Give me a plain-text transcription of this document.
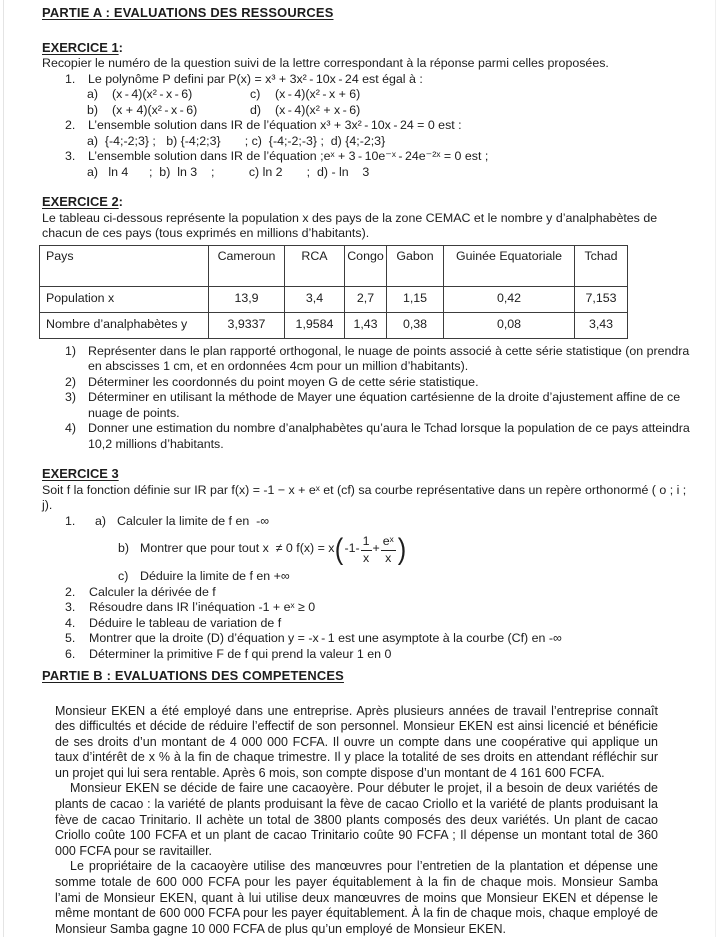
PARTIE A : EVALUATIONS DES RESSOURCES
EXERCICE 1:
Recopier le numéro de la question suivi de la lettre correspondant à la réponse parmi celles proposées.
1.	Le polynôme P defini par P(x) = x³ + 3x² - 10x - 24 est égal à :
a)	(x - 4)(x² - x - 6)	c)	(x - 4)(x² - x + 6)
b)	(x + 4)(x² - x - 6)	d)	(x - 4)(x² + x - 6)
2.	L’ensemble solution dans IR de l’équation x³ + 3x² - 10x - 24 = 0 est :
a)  {-4;-2;3} ;   b) {-4;2;3}       ; c)  {-4;-2;-3} ;  d) {4;-2;3}
3.	L’ensemble solution dans IR de l’équation ;eˣ + 3 - 10e⁻ˣ - 24e⁻²ˣ = 0 est ;
a)   ln 4      ;  b)  ln 3    ;          c) ln 2       ;  d) - ln    3
EXERCICE 2:
Le tableau ci-dessous représente la population x des pays de la zone CEMAC et le nombre y d’analphabètes de chacun de ces pays (tous exprimés en millions d’habitants).
Pays	Cameroun	RCA	Congo	Gabon	Guinée Equatoriale	Tchad
Population x	13,9	3,4	2,7	1,15	0,42	7,153
Nombre d’analphabètes y	3,9337	1,9584	1,43	0,38	0,08	3,43
1) Représenter dans le plan rapporté orthogonal, le nuage de points associé à cette série statistique (on prendra en abscisses 1 cm, et en ordonnées 4cm pour un million d’habitants).
2) Déterminer les coordonnés du point moyen G de cette série statistique.
3) Déterminer en utilisant la méthode de Mayer une équation cartésienne de la droite d’ajustement affine de ce nuage de points.
4) Donner une estimation du nombre d’analphabètes qu’aura le Tchad lorsque la population de ce pays atteindra 10,2 millions d’habitants.
EXERCICE 3
Soit f la fonction définie sur IR par f(x) = -1 − x + eˣ et (cf) sa courbe représentative dans un repère orthonormé ( o ; i ; j).
1.	a) Calculer la limite de f en  -∞
b) Montrer que pour tout x  ≠ 0 f(x) = x ( $-1- \frac{1}{x} + \frac{\text{eˣ}}{x}$ )
c) Déduire la limite de f en +∞
2.	Calculer la dérivée de f
3.	Résoudre dans IR l’inéquation -1 + eˣ ≥ 0
4.	Déduire le tableau de variation de f
5.	Montrer que la droite (D) d’équation y = -x - 1 est une asymptote à la courbe (Cf) en -∞
6.	Déterminer la primitive F de f qui prend la valeur 1 en 0
PARTIE B : EVALUATIONS DES COMPETENCES

Monsieur EKEN a été employé dans une entreprise. Après plusieurs années de travail l’entreprise connaît des difficultés et décide de réduire l’effectif de son personnel. Monsieur EKEN est ainsi licencié et bénéficie de ses droits d’un montant de 4 000 000 FCFA. Il ouvre un compte dans une coopérative qui applique un taux d’intérêt de x % à la fin de chaque trimestre. Il y place la totalité de ses droits en attendant réfléchir sur un projet qui lui sera rentable. Après 6 mois, son compte dispose d’un montant de 4 161 600 FCFA.

Monsieur EKEN se décide de faire une cacaoyère. Pour débuter le projet, il a besoin de deux variétés de plants de cacao : la variété de plants produisant la fève de cacao Criollo et la variété de plants produisant la fève de cacao Trinitario. Il achète un total de 3800 plants composés des deux variétés. Un plant de cacao Criollo coûte 100 FCFA et un plant de cacao Trinitario coûte 90 FCFA ; Il dépense un montant total de 360 000 FCFA pour se ravitailler.

Le propriétaire de la cacaoyère utilise des manœuvres pour l’entretien de la plantation et dépense une somme totale de 600 000 FCFA pour les payer équitablement à la fin de chaque mois. Monsieur Samba l’ami de Monsieur EKEN, quant à lui utilise deux manœuvres de moins que Monsieur EKEN et dépense le même montant de 600 000 FCFA pour les payer équitablement. À la fin de chaque mois, chaque employé de Monsieur Samba gagne 10 000 FCFA de plus qu’un employé de Monsieur EKEN.
